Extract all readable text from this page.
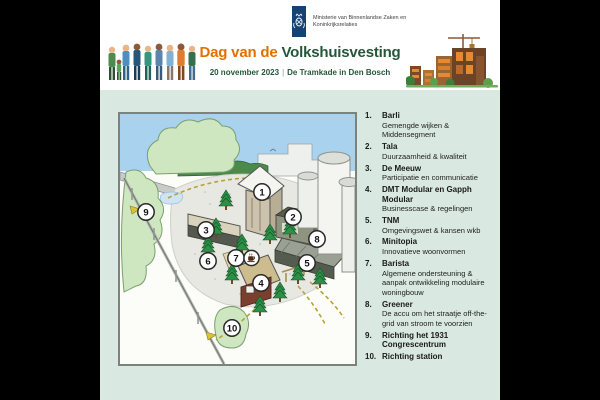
Ministerie van Binnenlandse Zaken en
Koninkrijksrelaties
Dag van de Volkshuisvesting
20 november 2023 | De Tramkade in Den Bosch
1
2
3
4
5
6 7
8
9
10
1.	Barli
Gemengde wijken & Middensegment
2.	Tala
Duurzaamheid & kwaliteit
3.	De Meeuw
Participatie en communicatie
4.	DMT Modular en Gapph Modular
Businesscase & regelingen
5.	TNM
Omgevingswet & kansen wkb
6.	Minitopia
Innovatieve woonvormen
7.	Barista
Algemene ondersteuning & aanpak ontwikkeling modulaire woningbouw
8.	Greener
De accu om het straatje off-the-grid van stroom te voorzien
9.	Richting het 1931 Congrescentrum
10. Richting station
